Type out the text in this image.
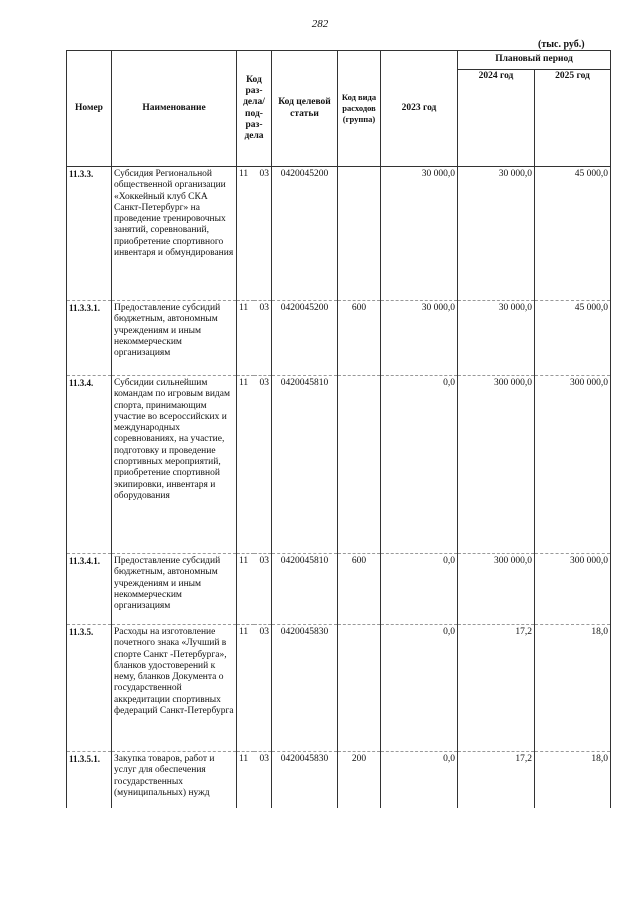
282
(тыс. руб.)
Номер	Наименование	Код раз-дела/ под-раз-дела		Код целевой статьи	Код вида расходов (группа)	2023 год	Плановый период	
							2024 год	2025 год

11.3.3.	Субсидия Региональной общественной организации «Хоккейный клуб СКА Санкт-Петербург» на проведение тренировочных занятий, соревнований, приобретение спортивного инвентаря и обмундирования	11	03	0420045200		30 000,0	30 000,0	45 000,0
11.3.3.1.	Предоставление субсидий бюджетным, автономным учреждениям и иным некоммерческим организациям	11	03	0420045200	600	30 000,0	30 000,0	45 000,0
11.3.4.	Субсидии сильнейшим командам по игровым видам спорта, принимающим участие во всероссийских и международных соревнованиях, на участие, подготовку и проведение спортивных мероприятий, приобретение спортивной экипировки, инвентаря и оборудования	11	03	0420045810		0,0	300 000,0	300 000,0
11.3.4.1.	Предоставление субсидий бюджетным, автономным учреждениям и иным некоммерческим организациям	11	03	0420045810	600	0,0	300 000,0	300 000,0
11.3.5.	Расходы на изготовление почетного знака «Лучший в спорте Санкт -Петербурга», бланков удостоверений к нему, бланков Документа о государственной аккредитации спортивных федераций Санкт-Петербурга	11	03	0420045830		0,0	17,2	18,0
11.3.5.1.	Закупка товаров, работ и услуг для обеспечения государственных (муниципальных) нужд	11	03	0420045830	200	0,0	17,2	18,0
